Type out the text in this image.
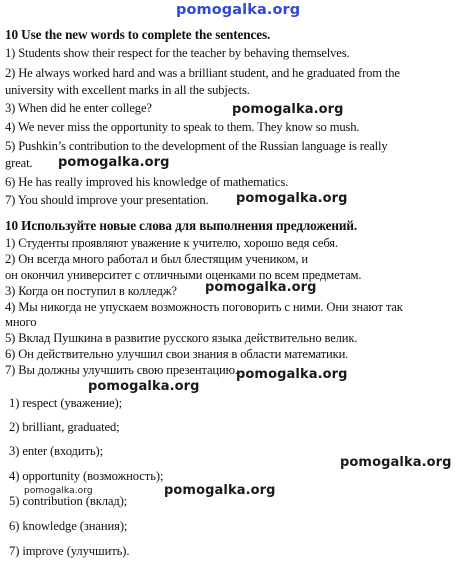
pomogalka.org
pomogalka.org
pomogalka.org
pomogalka.org
pomogalka.org
pomogalka.org
pomogalka.org
pomogalka.org
pomogalka.org
pomogalka.org
10 Use the new words to complete the sentences.
1) Students show their respect for the teacher by behaving themselves.
2) He always worked hard and was a brilliant student, and he graduated from the
university with excellent marks in all the subjects.
3) When did he enter college?
4) We never miss the opportunity to speak to them. They know so mush.
5) Pushkin’s contribution to the development of the Russian language is really
great.
6) He has really improved his knowledge of mathematics.
7) You should improve your presentation.
10 Используйте новые слова для выполнения предложений.
1) Студенты проявляют уважение к учителю, хорошо ведя себя.
2) Он всегда много работал и был блестящим учеником, и
он окончил университет с отличными оценками по всем предметам.
3) Когда он поступил в колледж?
4) Мы никогда не упускаем возможность поговорить с ними. Они знают так
много
5) Вклад Пушкина в развитие русского языка действительно велик.
6) Он действительно улучшил свои знания в области математики.
7) Вы должны улучшить свою презентацию.
1) respect (уважение);
2) brilliant, graduated;
3) enter (входить);
4) opportunity (возможность);
5) contribution (вклад);
6) knowledge (знания);
7) improve (улучшить).
